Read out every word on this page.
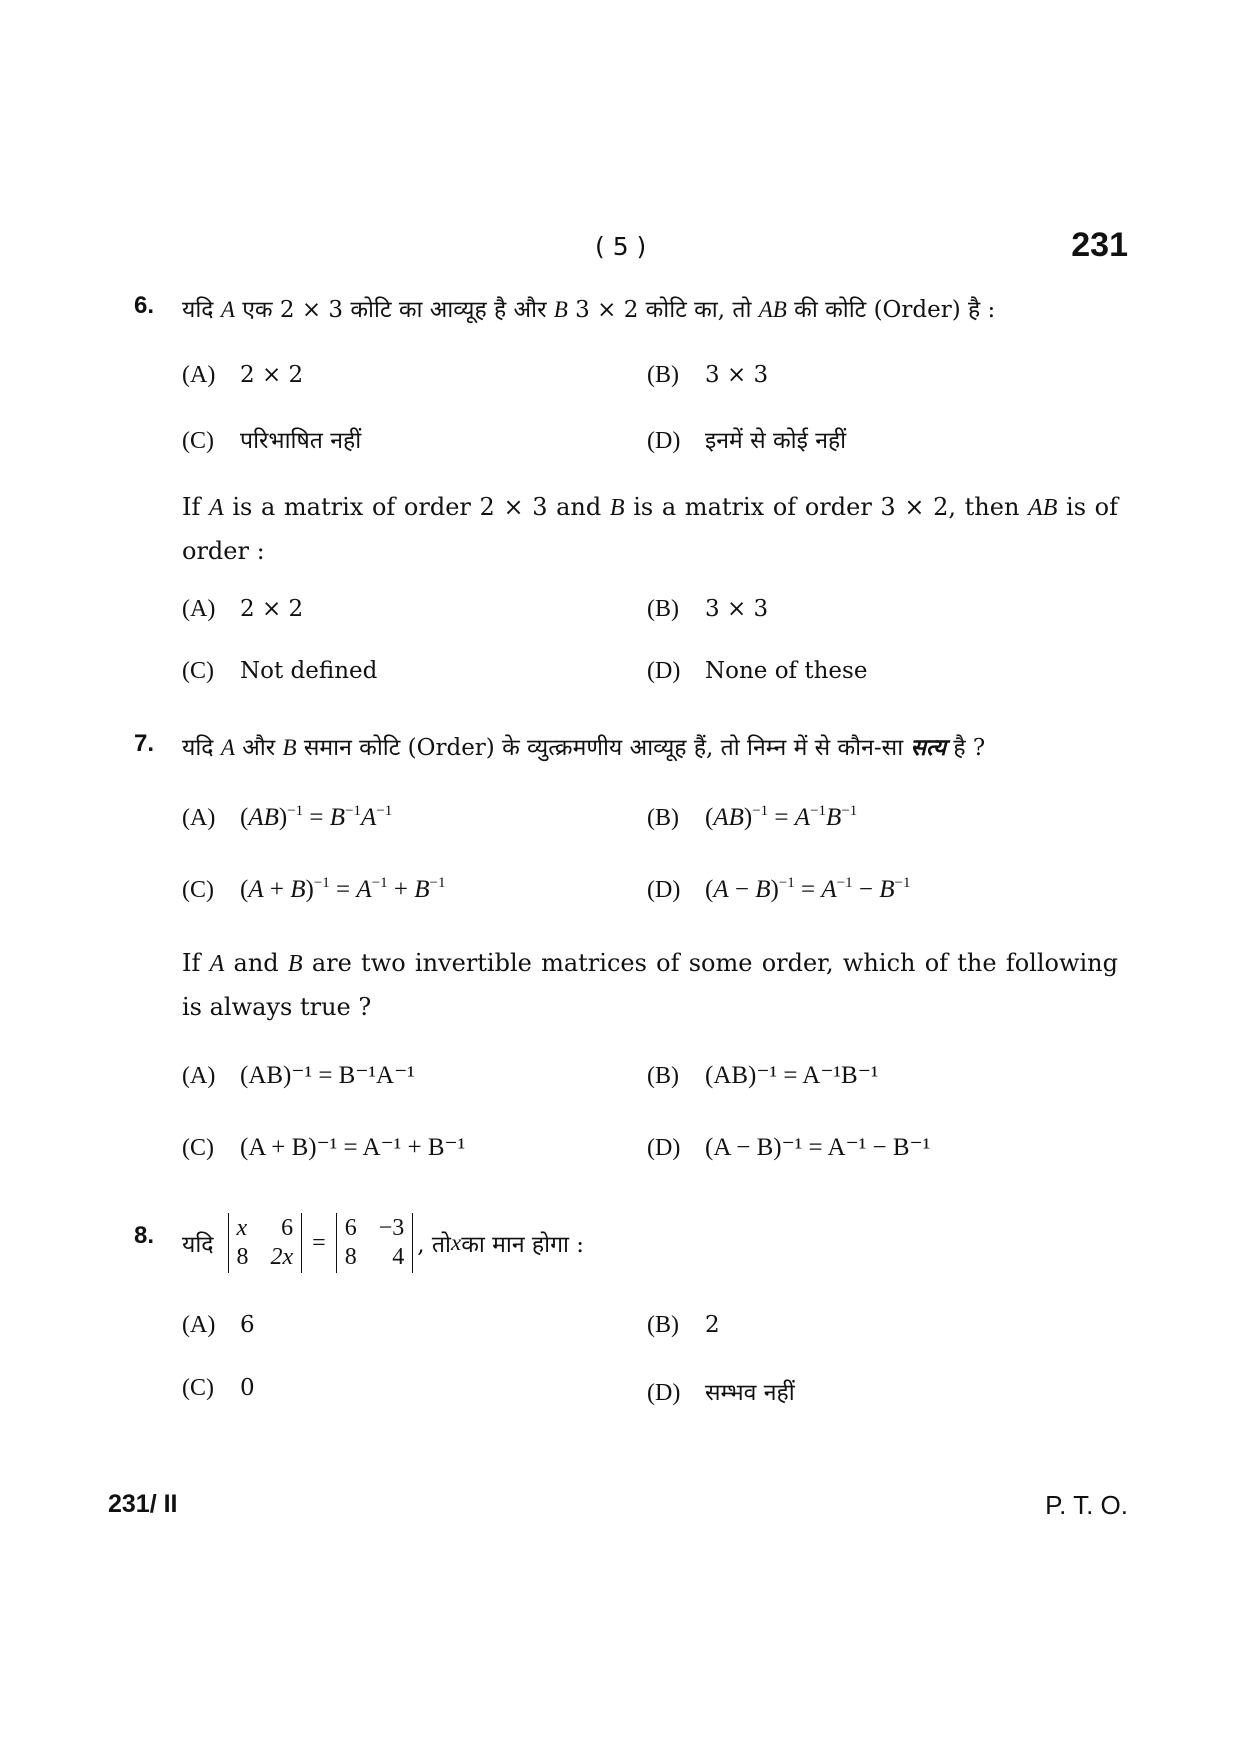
( 5 )	231
6. यदि A एक 2 × 3 कोटि का आव्यूह है और B 3 × 2 कोटि का, तो AB की कोटि (Order) है :
(A) 2 × 2	(B) 3 × 3
(C) परिभाषित नहीं	(D) इनमें से कोई नहीं
If A is a matrix of order 2 × 3 and B is a matrix of order 3 × 2, then AB is of order :
(A) 2 × 2	(B) 3 × 3
(C) Not defined	(D) None of these
7. यदि A और B समान कोटि (Order) के व्युत्क्रमणीय आव्यूह हैं, तो निम्न में से कौन-सा सत्य है ?
(A) $(AB)^{-1} = B^{-1}A^{-1}$	(B) $(AB)^{-1} = A^{-1}B^{-1}$
(C) $(A + B)^{-1} = A^{-1} + B^{-1}$	(D) $(A - B)^{-1} = A^{-1} - B^{-1}$
If A and B are two invertible matrices of some order, which of the following is always true ?
(A) (AB)⁻¹ = B⁻¹A⁻¹	(B) (AB)⁻¹ = A⁻¹B⁻¹
(C) (A + B)⁻¹ = A⁻¹ + B⁻¹	(D) (A − B)⁻¹ = A⁻¹ − B⁻¹
8. यदि
x	6
8 2x
=
6 −3
8	4 , तो x का मान होगा :
(A) 6	(B) 2
(C) 0	(D) सम्भव नहीं
231/ II	P. T. O.
